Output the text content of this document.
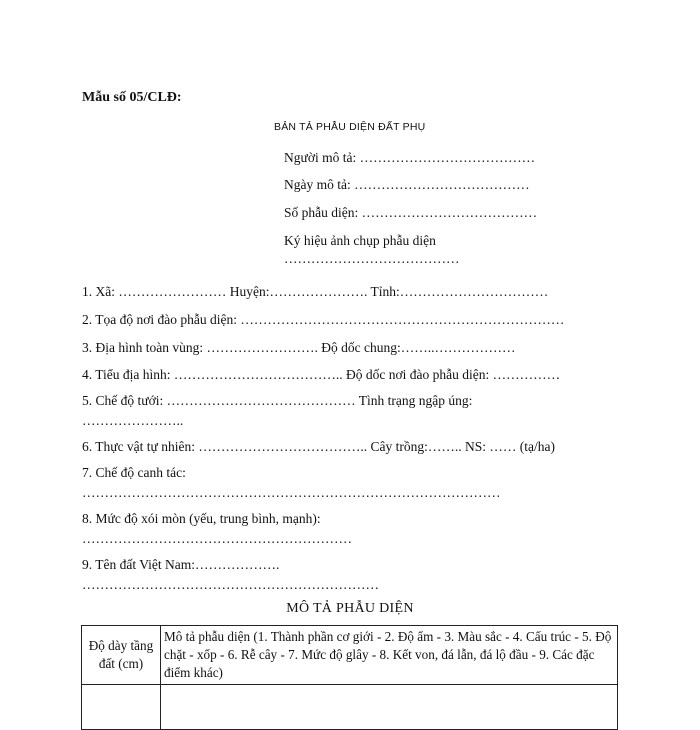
Mẫu số 05/CLĐ:
BẢN TẢ PHẪU DIỆN ĐẤT PHỤ
Người mô tả: …………………………………
Ngày mô tả: …………………………………
Số phẫu diện: …………………………………
Ký hiệu ảnh chụp phẫu diện
…………………………………
1. Xã: …………………… Huyện:…………………. Tỉnh:……………………………
2. Tọa độ nơi đào phẫu diện: ………………………………………………………………
3. Địa hình toàn vùng: ……………………. Độ dốc chung:……..………………
4. Tiểu địa hình: ……………………………….. Độ dốc nơi đào phẫu diện: ……………
5. Chế độ tưới: …………………………………… Tình trạng ngập úng:
…………………..
6. Thực vật tự nhiên: ……………………………….. Cây trồng:…….. NS: …… (tạ/ha)
7. Chế độ canh tác:
…………………………………………………………………………………
8. Mức độ xói mòn (yếu, trung bình, mạnh):
……………………………………………………
9. Tên đất Việt Nam:……………….
…………………………………………………………
MÔ TẢ PHẪU DIỆN
Độ dày tầng đất (cm)	Mô tả phẫu diện (1. Thành phần cơ giới - 2. Độ ẩm - 3. Màu sắc - 4. Cấu trúc - 5. Độ chặt - xốp - 6. Rễ cây - 7. Mức độ glây - 8. Kết von, đá lẫn, đá lộ đầu - 9. Các đặc điểm khác)
